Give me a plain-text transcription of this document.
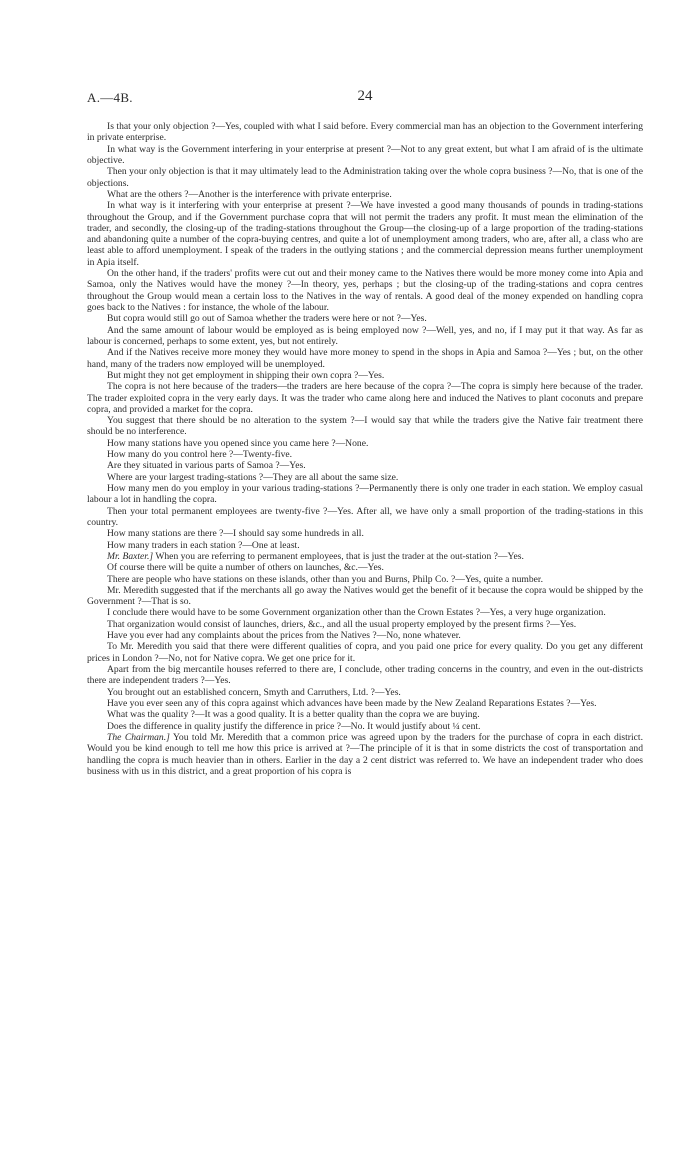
A.—4B.	24

Is that your only objection ?—Yes, coupled with what I said before. Every commercial man has an objection to the Government interfering in private enterprise.

In what way is the Government interfering in your enterprise at present ?—Not to any great extent, but what I am afraid of is the ultimate objective.

Then your only objection is that it may ultimately lead to the Administration taking over the whole copra business ?—No, that is one of the objections.

What are the others ?—Another is the interference with private enterprise.

In what way is it interfering with your enterprise at present ?—We have invested a good many thousands of pounds in trading-stations throughout the Group, and if the Government purchase copra that will not permit the traders any profit. It must mean the elimination of the trader, and secondly, the closing-up of the trading-stations throughout the Group—the closing-up of a large proportion of the trading-stations and abandoning quite a number of the copra-buying centres, and quite a lot of unemployment among traders, who are, after all, a class who are least able to afford unemployment. I speak of the traders in the outlying stations ; and the commercial depression means further unemployment in Apia itself.

On the other hand, if the traders' profits were cut out and their money came to the Natives there would be more money come into Apia and Samoa, only the Natives would have the money ?—In theory, yes, perhaps ; but the closing-up of the trading-stations and copra centres throughout the Group would mean a certain loss to the Natives in the way of rentals. A good deal of the money expended on handling copra goes back to the Natives : for instance, the whole of the labour.

But copra would still go out of Samoa whether the traders were here or not ?—Yes.

And the same amount of labour would be employed as is being employed now ?—Well, yes, and no, if I may put it that way. As far as labour is concerned, perhaps to some extent, yes, but not entirely.

And if the Natives receive more money they would have more money to spend in the shops in Apia and Samoa ?—Yes ; but, on the other hand, many of the traders now employed will be unemployed.

But might they not get employment in shipping their own copra ?—Yes.

The copra is not here because of the traders—the traders are here because of the copra ?—The copra is simply here because of the trader. The trader exploited copra in the very early days. It was the trader who came along here and induced the Natives to plant coconuts and prepare copra, and provided a market for the copra.

You suggest that there should be no alteration to the system ?—I would say that while the traders give the Native fair treatment there should be no interference.

How many stations have you opened since you came here ?—None.

How many do you control here ?—Twenty-five.

Are they situated in various parts of Samoa ?—Yes.

Where are your largest trading-stations ?—They are all about the same size.

How many men do you employ in your various trading-stations ?—Permanently there is only one trader in each station. We employ casual labour a lot in handling the copra.

Then your total permanent employees are twenty-five ?—Yes. After all, we have only a small proportion of the trading-stations in this country.

How many stations are there ?—I should say some hundreds in all.

How many traders in each station ?—One at least.

Mr. Baxter.] When you are referring to permanent employees, that is just the trader at the out-station ?—Yes.

Of course there will be quite a number of others on launches, &c.—Yes.

There are people who have stations on these islands, other than you and Burns, Philp Co. ?—Yes, quite a number.

Mr. Meredith suggested that if the merchants all go away the Natives would get the benefit of it because the copra would be shipped by the Government ?—That is so.

I conclude there would have to be some Government organization other than the Crown Estates ?—Yes, a very huge organization.

That organization would consist of launches, driers, &c., and all the usual property employed by the present firms ?—Yes.

Have you ever had any complaints about the prices from the Natives ?—No, none whatever.

To Mr. Meredith you said that there were different qualities of copra, and you paid one price for every quality. Do you get any different prices in London ?—No, not for Native copra. We get one price for it.

Apart from the big mercantile houses referred to there are, I conclude, other trading concerns in the country, and even in the out-districts there are independent traders ?—Yes.

You brought out an established concern, Smyth and Carruthers, Ltd. ?—Yes.

Have you ever seen any of this copra against which advances have been made by the New Zealand Reparations Estates ?—Yes.

What was the quality ?—It was a good quality. It is a better quality than the copra we are buying.

Does the difference in quality justify the difference in price ?—No. It would justify about ¼ cent.

The Chairman.] You told Mr. Meredith that a common price was agreed upon by the traders for the purchase of copra in each district. Would you be kind enough to tell me how this price is arrived at ?—The principle of it is that in some districts the cost of transportation and handling the copra is much heavier than in others. Earlier in the day a 2 cent district was referred to. We have an independent trader who does business with us in this district, and a great proportion of his copra is
